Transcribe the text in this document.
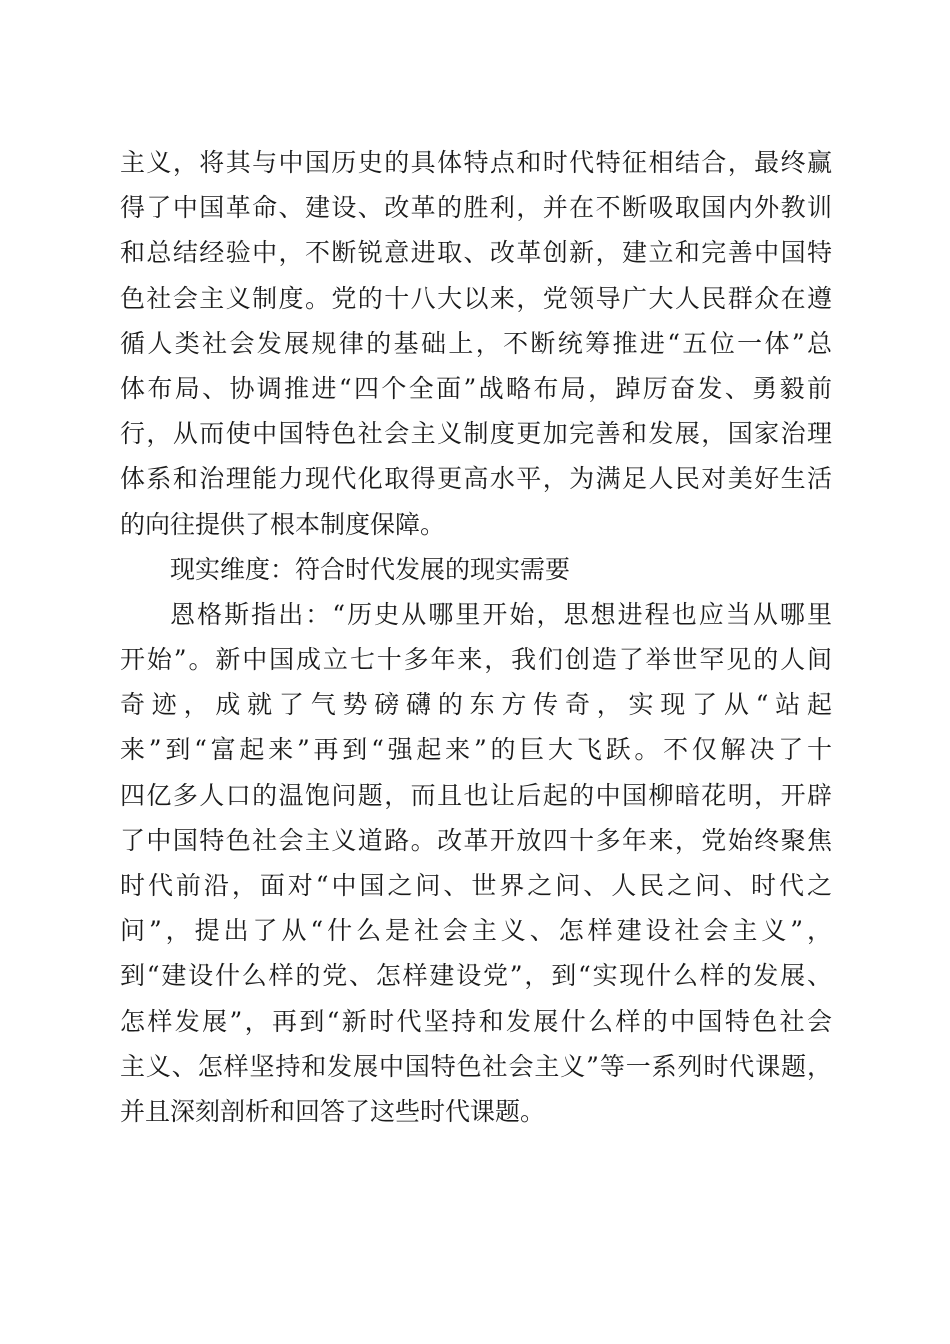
主义，将其与中国历史的具体特点和时代特征相结合，最终赢
得了中国革命、建设、改革的胜利，并在不断吸取国内外教训
和总结经验中，不断锐意进取、改革创新，建立和完善中国特
色社会主义制度。党的十八大以来，党领导广大人民群众在遵
循人类社会发展规律的基础上，不断统筹推进“五位一体”总
体布局、协调推进“四个全面”战略布局，踔厉奋发、勇毅前
行，从而使中国特色社会主义制度更加完善和发展，国家治理
体系和治理能力现代化取得更高水平，为满足人民对美好生活
的向往提供了根本制度保障。
现实维度：符合时代发展的现实需要
恩格斯指出：“历史从哪里开始，思想进程也应当从哪里
开始”。新中国成立七十多年来，我们创造了举世罕见的人间
奇迹，成就了气势磅礴的东方传奇，实现了从“站起
来”到“富起来”再到“强起来”的巨大飞跃。不仅解决了十
四亿多人口的温饱问题，而且也让后起的中国柳暗花明，开辟
了中国特色社会主义道路。改革开放四十多年来，党始终聚焦
时代前沿，面对“中国之问、世界之问、人民之问、时代之
问”，提出了从“什么是社会主义、怎样建设社会主义”，
到“建设什么样的党、怎样建设党”，到“实现什么样的发展、
怎样发展”，再到“新时代坚持和发展什么样的中国特色社会
主义、怎样坚持和发展中国特色社会主义”等一系列时代课题，
并且深刻剖析和回答了这些时代课题。
